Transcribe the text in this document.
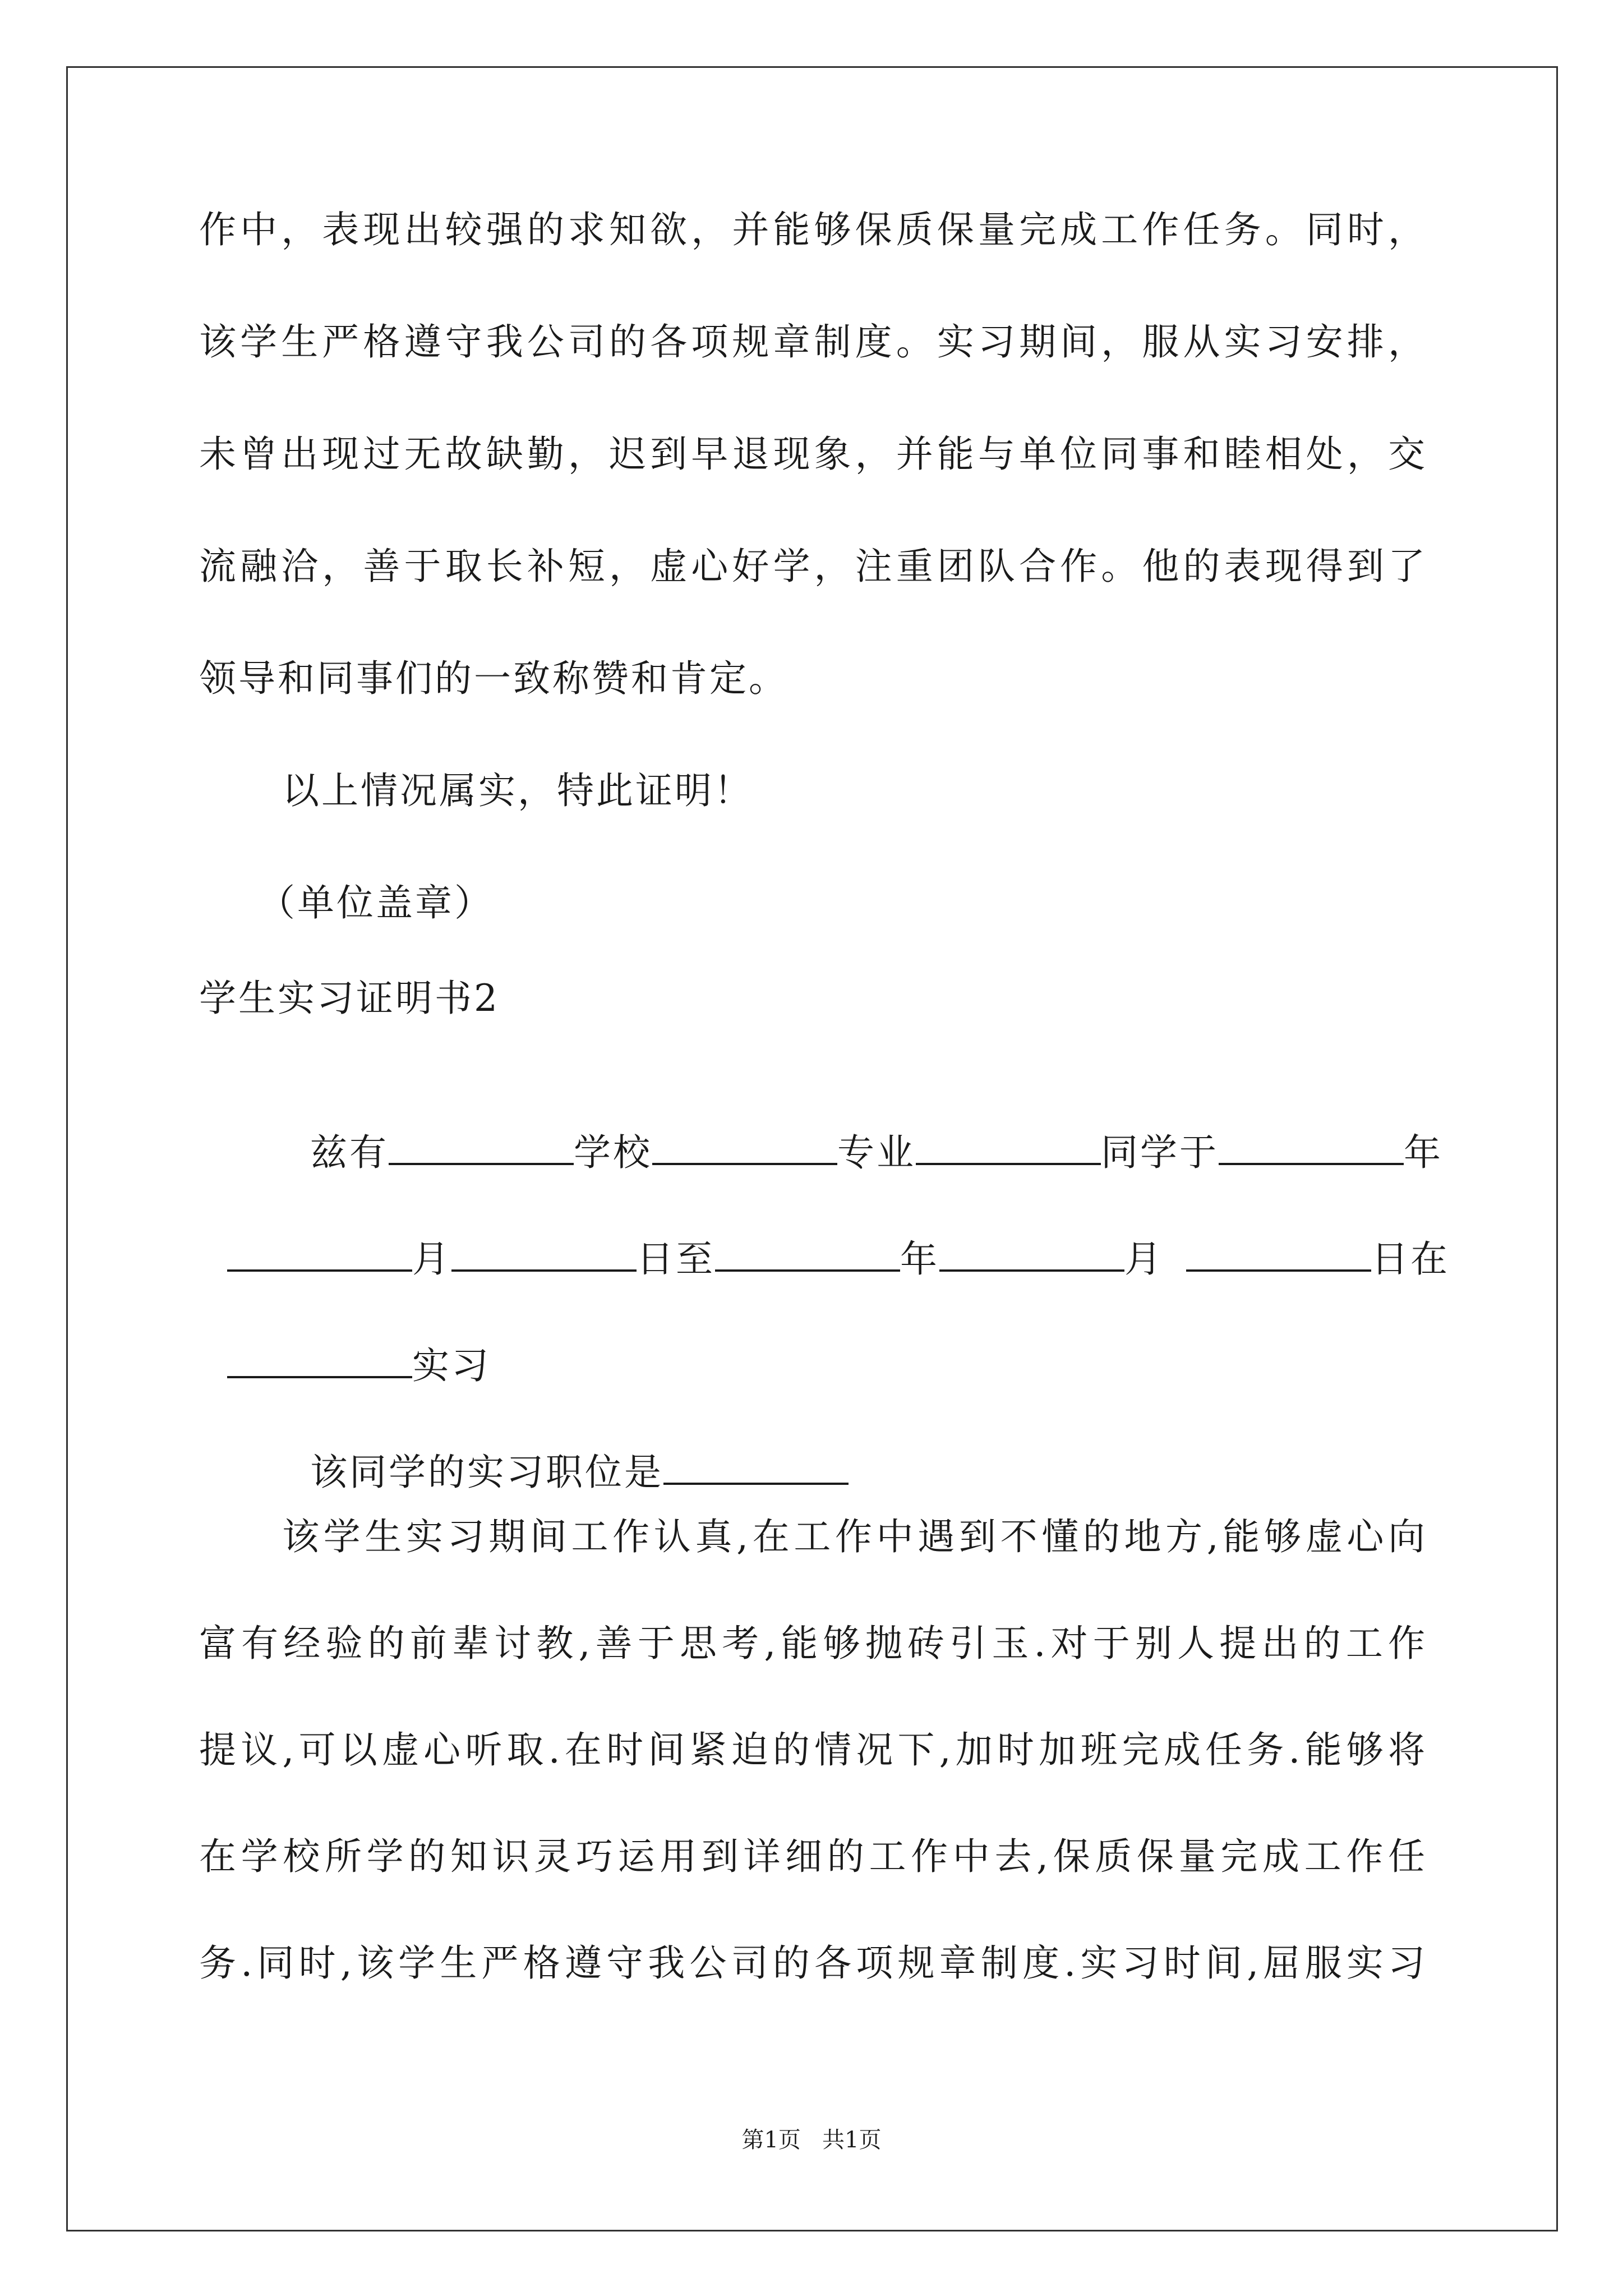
作中，表现出较强的求知欲，并能够保质保量完成工作任务。同时，
该学生严格遵守我公司的各项规章制度。实习期间，服从实习安排，
未曾出现过无故缺勤，迟到早退现象，并能与单位同事和睦相处，交
流融洽，善于取长补短，虚心好学，注重团队合作。他的表现得到了
领导和同事们的一致称赞和肯定。
以上情况属实，特此证明！
（单位盖章）
学生实习证明书2

兹有	学校	专业	同学于	年

月	日至	年	月	日在

实习

该同学的实习职位是

该学生实习期间工作认真,在工作中遇到不懂的地方,能够虚心向
富有经验的前辈讨教,善于思考,能够抛砖引玉.对于别人提出的工作
提议,可以虚心听取.在时间紧迫的情况下,加时加班完成任务.能够将
在学校所学的知识灵巧运用到详细的工作中去,保质保量完成工作任
务.同时,该学生严格遵守我公司的各项规章制度.实习时间,屈服实习
第1页   共1页
